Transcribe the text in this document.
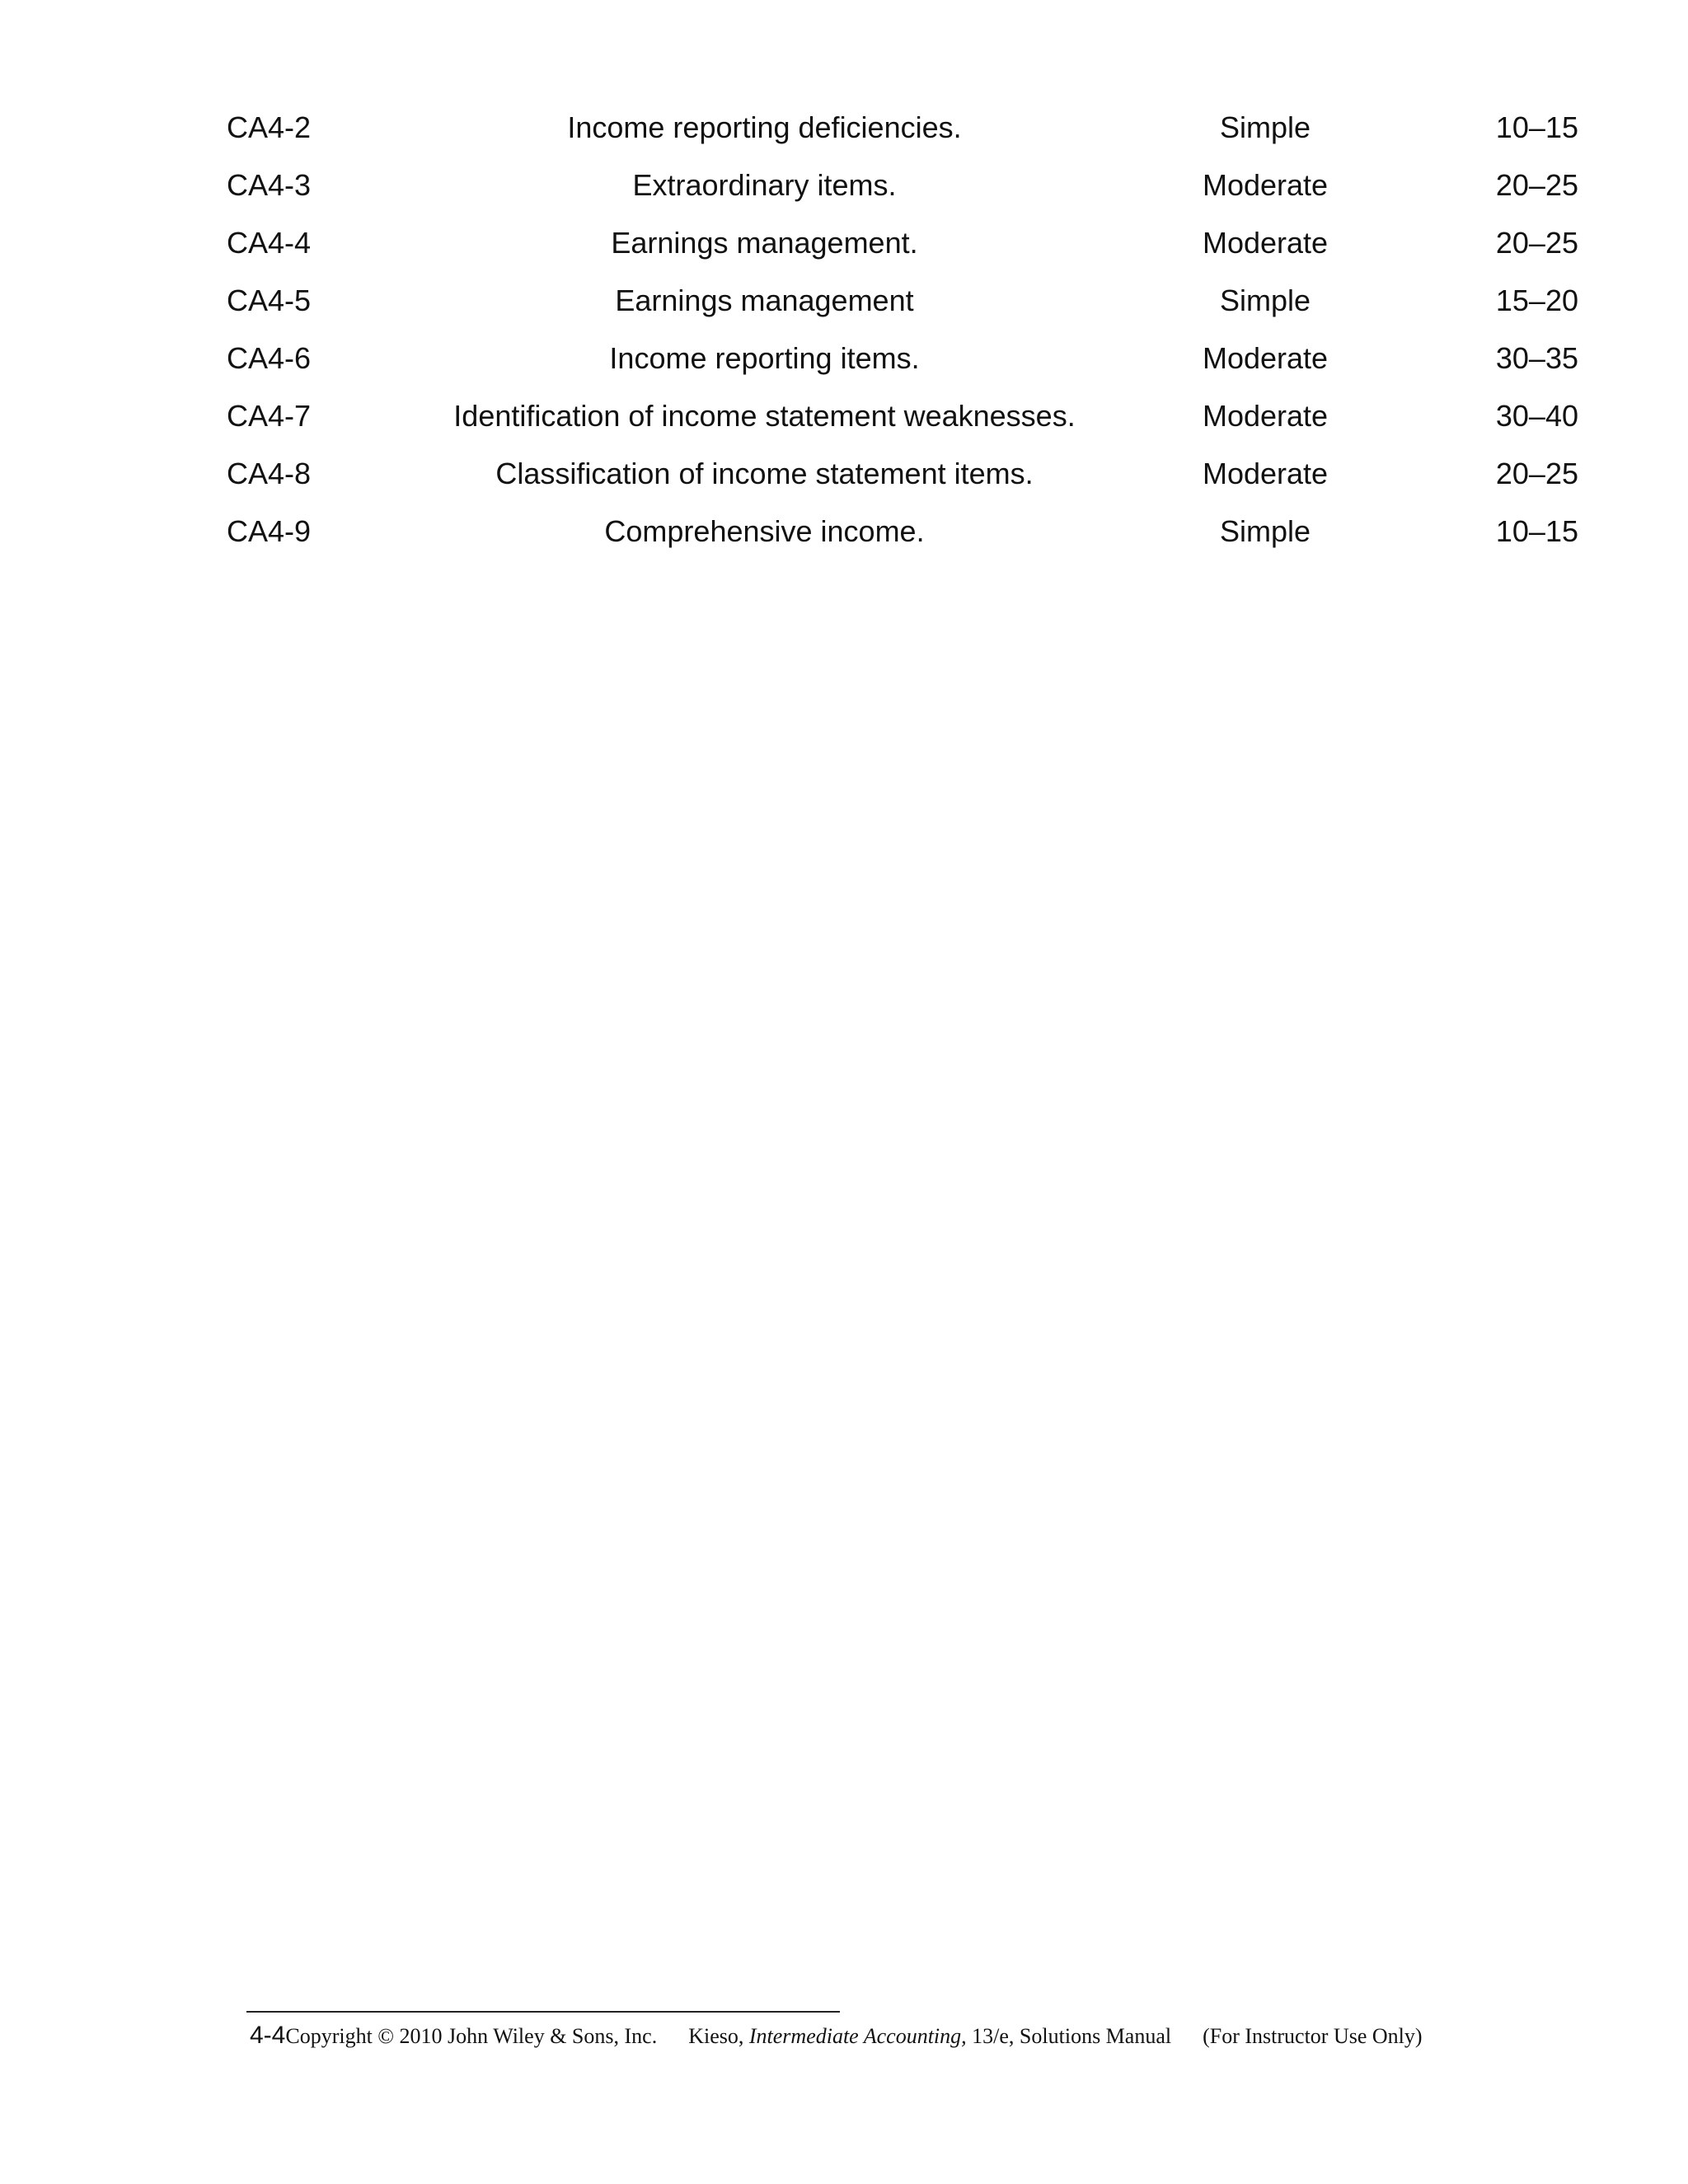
CA4-2	Income reporting deficiencies.	Simple	10–15
CA4-3	Extraordinary items.	Moderate	20–25
CA4-4	Earnings management.	Moderate	20–25
CA4-5	Earnings management	Simple	15–20
CA4-6	Income reporting items.	Moderate	30–35
CA4-7	Identification of income statement weaknesses.	Moderate	30–40
CA4-8	Classification of income statement items.	Moderate	20–25
CA4-9	Comprehensive income.	Simple	10–15
4-4Copyright © 2010 John Wiley & Sons, Inc. Kieso, Intermediate Accounting, 13/e, Solutions Manual (For Instructor Use Only)
